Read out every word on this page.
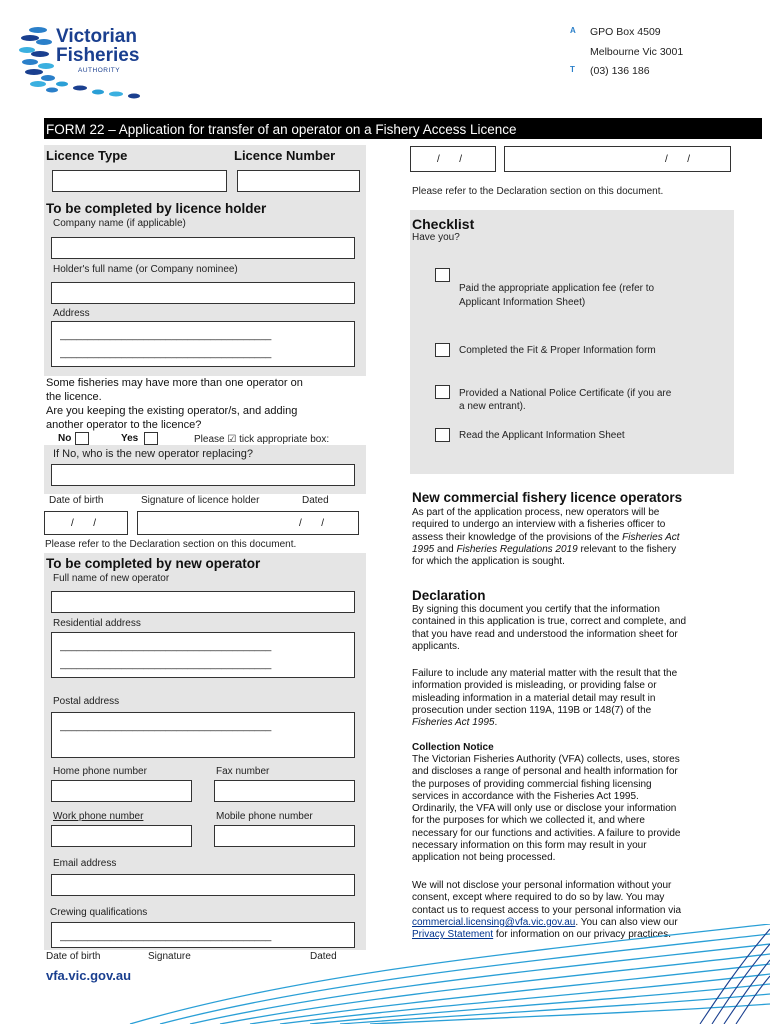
Victorian
Fisheries
AUTHORITY
A GPO Box 4509
Melbourne Vic 3001
T (03) 136 186
FORM 22 – Application for transfer of an operator on a Fishery Access Licence
Licence Type	Licence Number
To be completed by licence holder
Company name (if applicable)
Holder's full name (or Company nominee)
Address
______________________________________
______________________________________
Some fisheries may have more than one operator on
the licence.
Are you keeping the existing operator/s, and adding
another operator to the licence?
No	Yes	Please ☑ tick appropriate box:
If No, who is the new operator replacing?
Date of birth	Signature of licence holder	Dated
/       /	/       /
Please refer to the Declaration section on this document.
To be completed by new operator
Full name of new operator
Residential address
______________________________________
______________________________________
Postal address
______________________________________
Home phone number	Fax number
Work phone number	Mobile phone number
Email address
Crewing qualifications
______________________________________
Date of birth	Signature	Dated
/       /	/       /
Please refer to the Declaration section on this document.
Checklist
Have you?
Paid the appropriate application fee (refer to
Applicant Information Sheet)
Completed the Fit & Proper Information form
Provided a National Police Certificate (if you are
a new entrant).
Read the Applicant Information Sheet
New commercial fishery licence operators
As part of the application process, new operators will be
required to undergo an interview with a fisheries officer to
assess their knowledge of the provisions of the Fisheries Act
1995 and Fisheries Regulations 2019 relevant to the fishery
for which the application is sought.
Declaration
By signing this document you certify that the information
contained in this application is true, correct and complete, and
that you have read and understood the information sheet for
applicants.
Failure to include any material matter with the result that the
information provided is misleading, or providing false or
misleading information in a material detail may result in
prosecution under section 119A, 119B or 148(7) of the
Fisheries Act 1995.
Collection Notice
The Victorian Fisheries Authority (VFA) collects, uses, stores
and discloses a range of personal and health information for
the purposes of providing commercial fishing licensing
services in accordance with the Fisheries Act 1995.
Ordinarily, the VFA will only use or disclose your information
for the purposes for which we collected it, and where
necessary for our functions and activities. A failure to provide
necessary information on this form may result in your
application not being processed.
We will not disclose your personal information without your
consent, except where required to do so by law. You may
contact us to request access to your personal information via
commercial.licensing@vfa.vic.gov.au. You can also view our
Privacy Statement for information on our privacy practices.
vfa.vic.gov.au
